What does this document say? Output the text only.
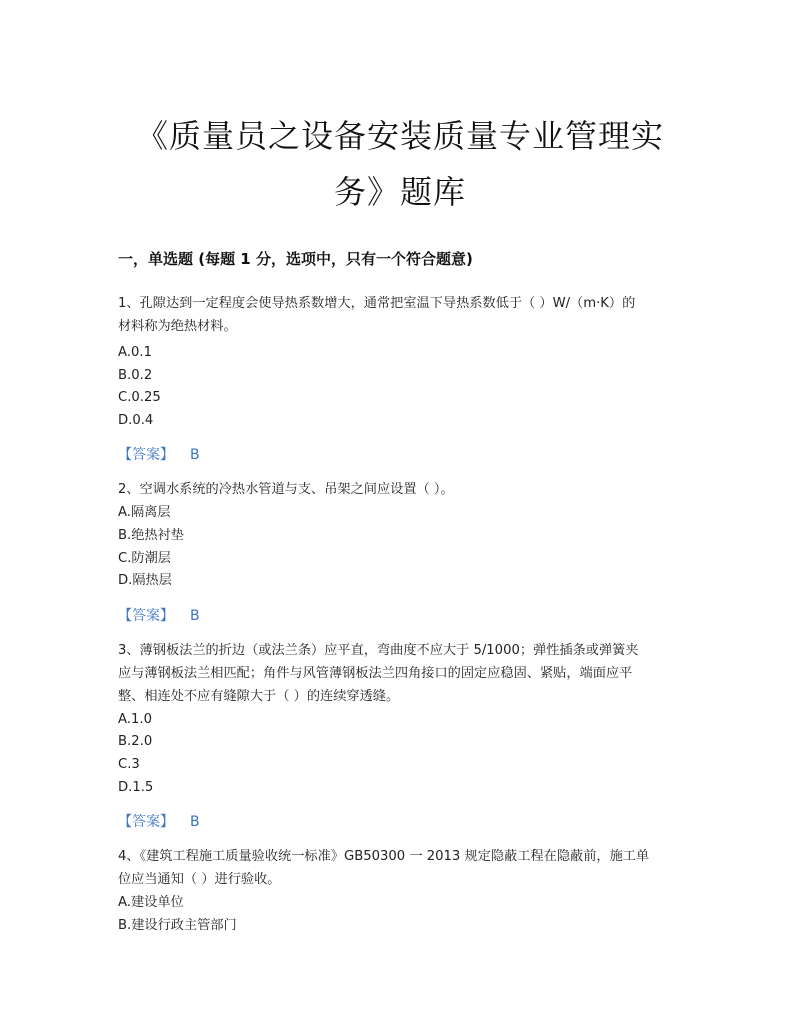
《质量员之设备安装质量专业管理实
务》题库
一，单选题 (每题 1 分，选项中，只有一个符合题意)

1、孔隙达到一定程度会使导热系数增大，通常把室温下导热系数低于（ ）W/（m·K）的

材料称为绝热材料。

A.0.1

B.0.2

C.0.25

D.0.4

【答案】 B

2、空调水系统的冷热水管道与支、吊架之间应设置（ ）。

A.隔离层

B.绝热衬垫

C.防潮层

D.隔热层

【答案】 B

3、薄钢板法兰的折边（或法兰条）应平直，弯曲度不应大于 5/1000；弹性插条或弹簧夹

应与薄钢板法兰相匹配；角件与风管薄钢板法兰四角接口的固定应稳固、紧贴，端面应平

整、相连处不应有缝隙大于（ ）的连续穿透缝。

A.1.0

B.2.0

C.3

D.1.5

【答案】 B

4、《建筑工程施工质量验收统一标准》GB50300 一 2013 规定隐蔽工程在隐蔽前，施工单

位应当通知（ ）进行验收。

A.建设单位

B.建设行政主管部门
